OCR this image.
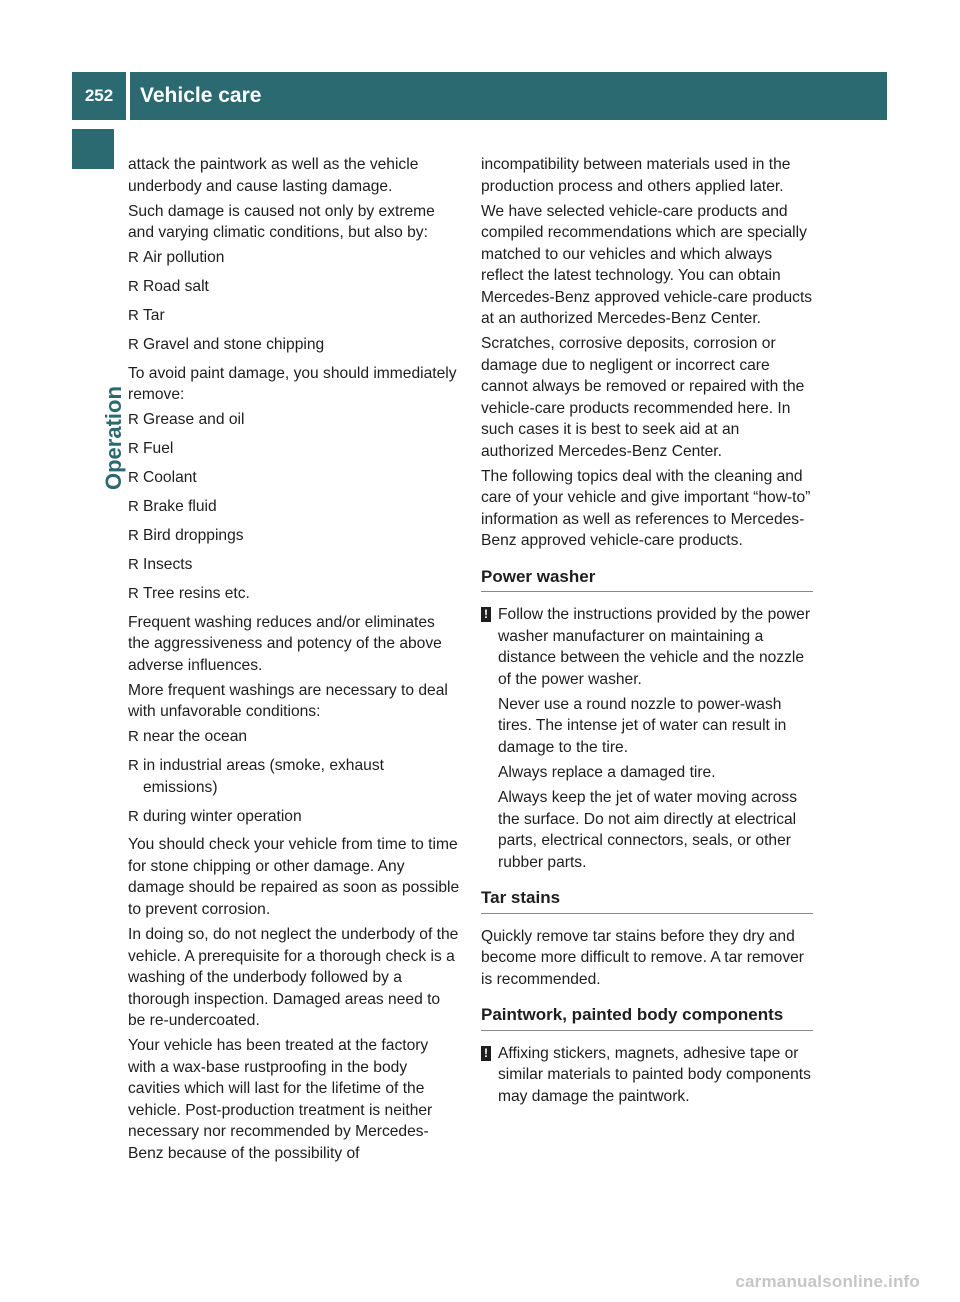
252	Vehicle care
Operation

attack the paintwork as well as the vehicle underbody and cause lasting damage.

Such damage is caused not only by extreme and varying climatic conditions, but also by:

R Air pollution
R Road salt
R Tar
R Gravel and stone chipping

To avoid paint damage, you should immediately remove:

R Grease and oil
R Fuel
R Coolant
R Brake fluid
R Bird droppings
R Insects
R Tree resins etc.

Frequent washing reduces and/or eliminates the aggressiveness and potency of the above adverse influences.

More frequent washings are necessary to deal with unfavorable conditions:

R near the ocean
R in industrial areas (smoke, exhaust emissions)
R during winter operation

You should check your vehicle from time to time for stone chipping or other damage. Any damage should be repaired as soon as possible to prevent corrosion.

In doing so, do not neglect the underbody of the vehicle. A prerequisite for a thorough check is a washing of the underbody followed by a thorough inspection. Damaged areas need to be re-undercoated.

Your vehicle has been treated at the factory with a wax-base rustproofing in the body cavities which will last for the lifetime of the vehicle. Post-production treatment is neither necessary nor recommended by Mercedes-Benz because of the possibility of

incompatibility between materials used in the production process and others applied later.

We have selected vehicle-care products and compiled recommendations which are specially matched to our vehicles and which always reflect the latest technology. You can obtain Mercedes-Benz approved vehicle-care products at an authorized Mercedes-Benz Center.

Scratches, corrosive deposits, corrosion or damage due to negligent or incorrect care cannot always be removed or repaired with the vehicle-care products recommended here. In such cases it is best to seek aid at an authorized Mercedes-Benz Center.

The following topics deal with the cleaning and care of your vehicle and give important “how-to” information as well as references to Mercedes-Benz approved vehicle-care products.

Power washer
! Follow the instructions provided by the power washer manufacturer on maintaining a distance between the vehicle and the nozzle of the power washer.

Never use a round nozzle to power-wash tires. The intense jet of water can result in damage to the tire.

Always replace a damaged tire.

Always keep the jet of water moving across the surface. Do not aim directly at electrical parts, electrical connectors, seals, or other rubber parts.

Tar stains

Quickly remove tar stains before they dry and become more difficult to remove. A tar remover is recommended.

Paintwork, painted body components
! Affixing stickers, magnets, adhesive tape or similar materials to painted body components may damage the paintwork.

carmanualsonline.info
